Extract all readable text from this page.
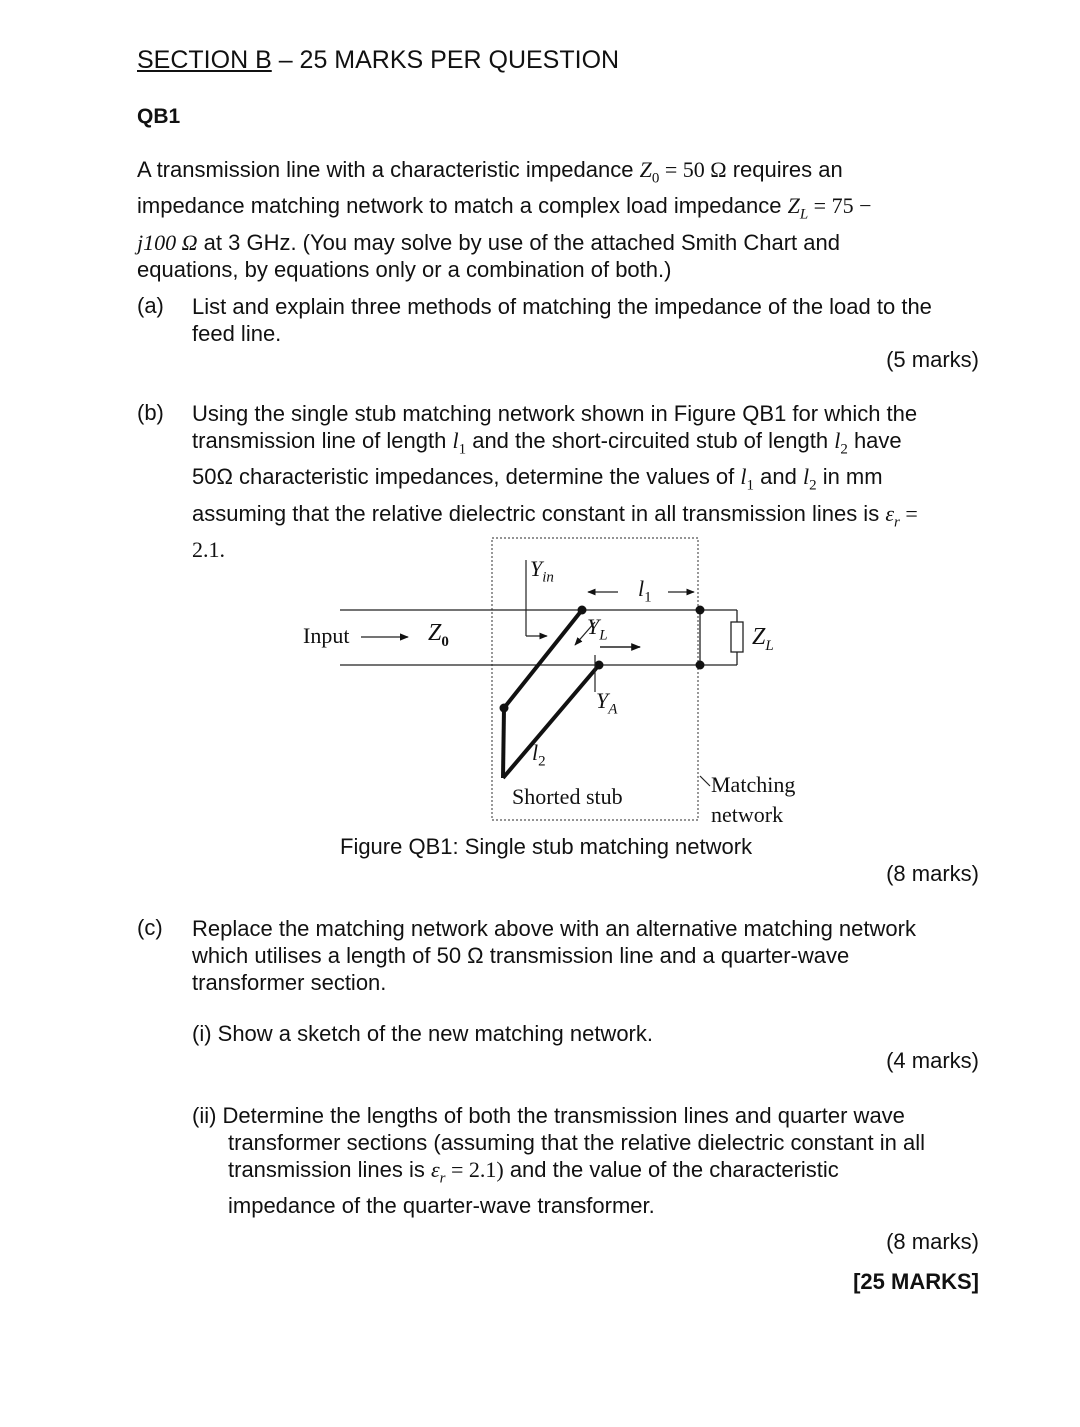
SECTION B – 25 MARKS PER QUESTION
QB1
A transmission line with a characteristic impedance $Z_0 = 50$ Ω requires an
impedance matching network to match a complex load impedance $Z_L = 75$ −
j100 Ω at 3 GHz. (You may solve by use of the attached Smith Chart and
equations, by equations only or a combination of both.)
(a) List and explain three methods of matching the impedance of the load to the
feed line.
(5 marks)
(b) Using the single stub matching network shown in Figure QB1 for which the
transmission line of length $l_1$ and the short-circuited stub of length $l_2$ have
50Ω characteristic impedances, determine the values of $l_1$ and $l_2$ in mm
assuming that the relative dielectric constant in all transmission lines is $\varepsilon_r$ =
2.1.
Input	$Z_0$
$Y_{in}$	$l_1$
$Y_L$
$Y_A$
$Z_L$
$l_2$
Shorted stub	Matching
network
Figure QB1: Single stub matching network
(8 marks)
(c) Replace the matching network above with an alternative matching network
which utilises a length of 50 Ω transmission line and a quarter-wave
transformer section.
(i) Show a sketch of the new matching network.
(4 marks)
(ii) Determine the lengths of both the transmission lines and quarter wave
transformer sections (assuming that the relative dielectric constant in all
transmission lines is $\varepsilon_r = 2.1$) and the value of the characteristic
impedance of the quarter-wave transformer.
(8 marks)
[25 MARKS]
